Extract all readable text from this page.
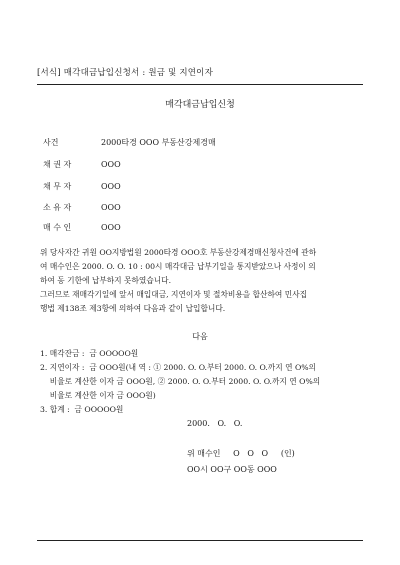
[서식] 매각대금납입신청서 : 원금 및 지연이자
매각대금납입신청
사건	2000타경 OOO 부동산강제경매
채 권 자	OOO
채 무 자	OOO
소 유 자	OOO
매 수 인	OOO
위 당사자간 귀원 OO지방법원 2000타경 OOO호 부동산강제경매신청사건에 관하
여 매수인은 2000. O. O. 10 : 00시 매각대금 납부기일을 통지받았으나 사정이 의
하여 동 기한에 납부하지 못하였습니다.
그러므로 재매각기일에 앞서 매입대금, 지연이자 및 절차비용을 합산하여 민사집
행법 제138조 제3항에 의하여 다음과 같이 납입합니다.
다음
1. 매각잔금 :  금 OOOOO원
2. 지연이자 :  금 OOO원(내 역 : ① 2000. O. O.부터 2000. O. O.까지 연 O%의
비율로 계산한 이자 금 OOO원, ② 2000. O. O.부터 2000. O. O.까지 연 O%의
비율로 계산한 이자 금 OOO원)
3. 합계 :  금 OOOOO원
2000.   O.   O.
위 매수인     O   O   O     (인)
OO시 OO구 OO동 OOO
